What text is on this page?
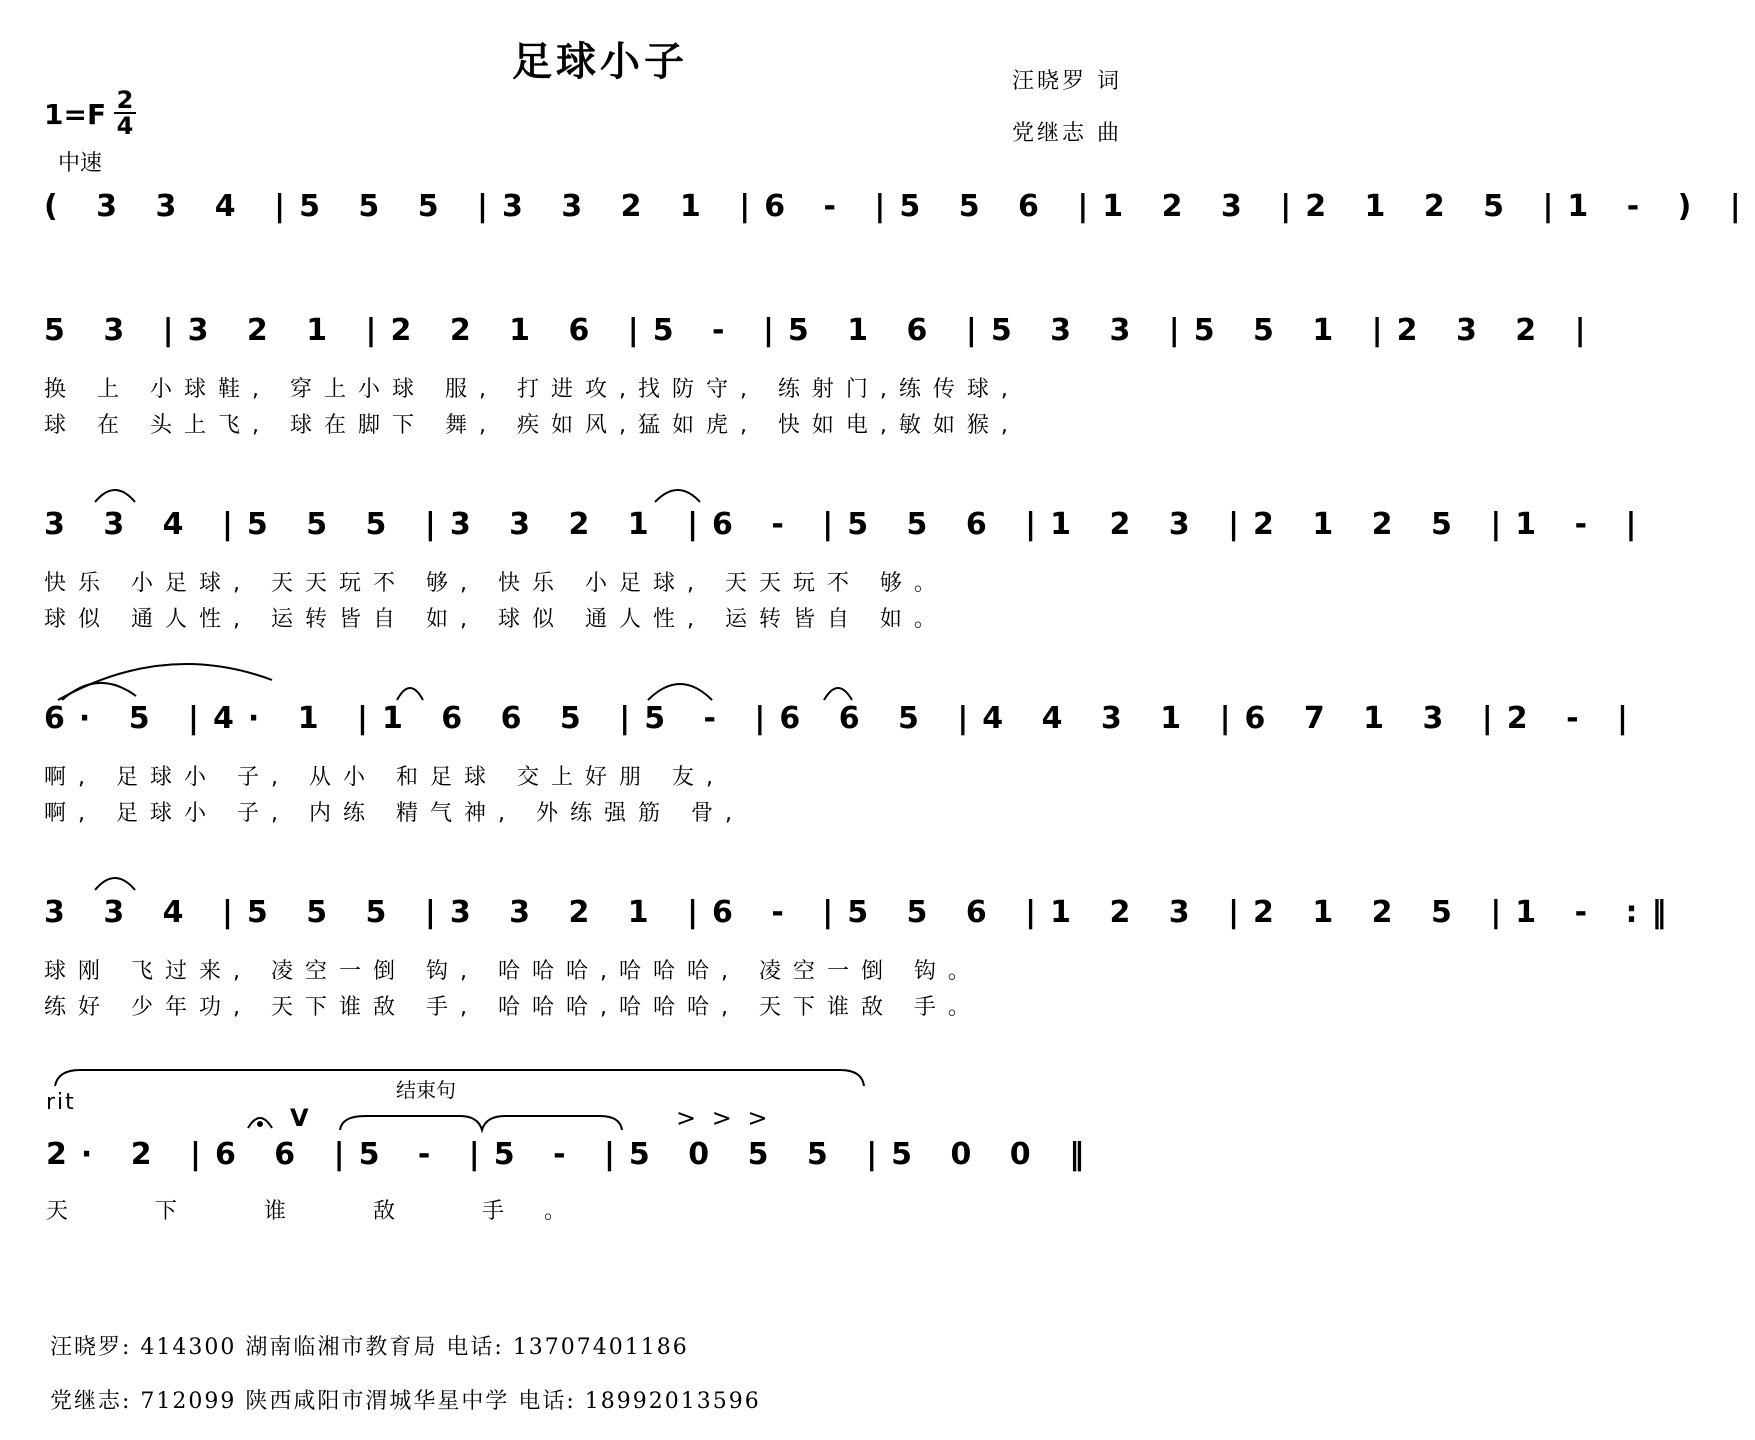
足球小子	汪晓罗 词
党继志 曲
1=F 2
4
中速
( 3 3 4 |5 5 5 |3 3 2 1 |6 - |5 5 6 |1 2 3 |2 1 2 5 |1 - ) |
5 3 |3 2 1 |2 2 1 6 |5 - |5 1 6 |5 3 3 |5 5 1 |2 3 2 |
换 上 小球鞋, 穿上小球 服, 打进攻,找防守, 练射门,练传球,
球 在 头上飞, 球在脚下 舞, 疾如风,猛如虎, 快如电,敏如猴,
3 3 4 |5 5 5 |3 3 2 1 |6 - |5 5 6 |1 2 3 |2 1 2 5 |1 - |
快乐 小足球, 天天玩不 够, 快乐 小足球, 天天玩不 够。
球似 通人性, 运转皆自 如, 球似 通人性, 运转皆自 如。
6· 5 |4· 1 |1 6 6 5 |5 - |6 6 5 |4 4 3 1 |6 7 1 3 |2 - |
啊, 足球小 子, 从小 和足球 交上好朋 友,
啊, 足球小 子, 内练 精气神, 外练强筋 骨,
3 3 4 |5 5 5 |3 3 2 1 |6 - |5 5 6 |1 2 3 |2 1 2 5 |1 - :‖
球刚 飞过来, 凌空一倒 钩, 哈哈哈,哈哈哈, 凌空一倒 钩。
练好 少年功, 天下谁敌 手, 哈哈哈,哈哈哈, 天下谁敌 手。
rit	结束句
V	> > >
2· 2 |6 6 |5 - |5 - |5 0 5 5 |5 0 0 ‖
天 下 谁 敌 手。
汪晓罗: 414300 湖南临湘市教育局 电话: 13707401186
党继志: 712099 陕西咸阳市渭城华星中学 电话: 18992013596
